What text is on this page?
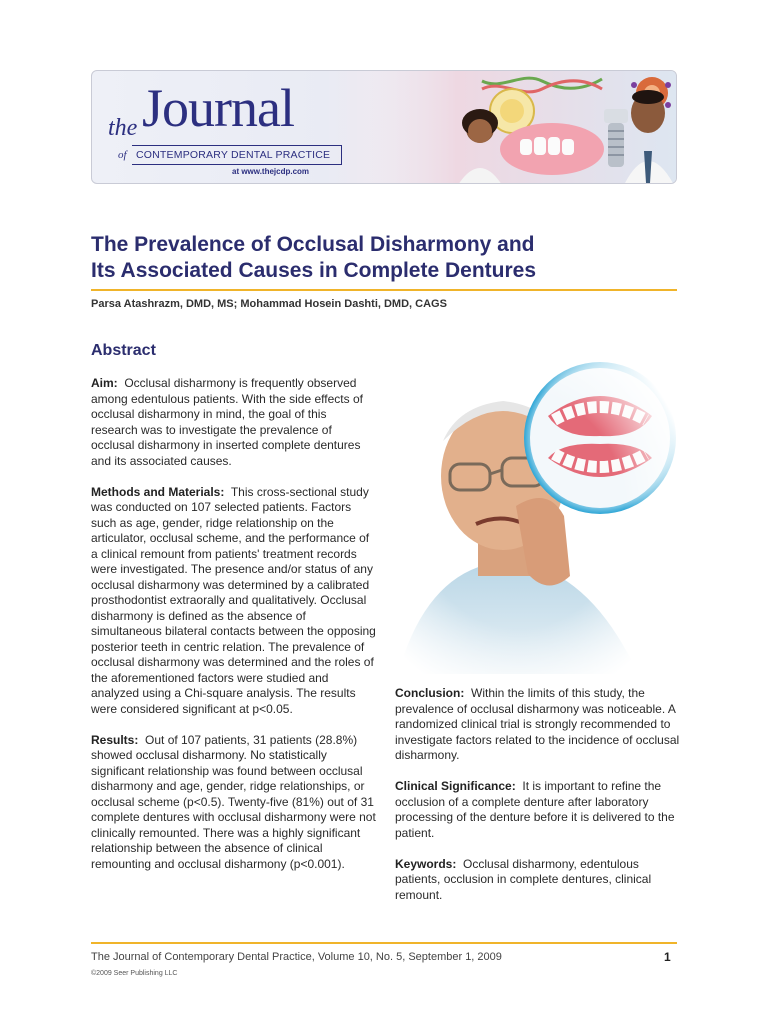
the Journal
of CONTEMPORARY DENTAL PRACTICE
at www.thejcdp.com
The Prevalence of Occlusal Disharmony and
Its Associated Causes in Complete Dentures
Parsa Atashrazm, DMD, MS; Mohammad Hosein Dashti, DMD, CAGS
Abstract

Aim: Occlusal disharmony is frequently observed among edentulous patients. With the side effects of occlusal disharmony in mind, the goal of this research was to investigate the prevalence of occlusal disharmony in inserted complete dentures and its associated causes.

Methods and Materials: This cross-sectional study was conducted on 107 selected patients. Factors such as age, gender, ridge relationship on the articulator, occlusal scheme, and the performance of a clinical remount from patients' treatment records were investigated. The presence and/or status of any occlusal disharmony was determined by a calibrated prosthodontist extraorally and qualitatively. Occlusal disharmony is defined as the absence of simultaneous bilateral contacts between the opposing posterior teeth in centric relation. The prevalence of occlusal disharmony was determined and the roles of the aforementioned factors were studied and analyzed using a Chi-square analysis. The results were considered significant at p<0.05.

Results: Out of 107 patients, 31 patients (28.8%) showed occlusal disharmony. No statistically significant relationship was found between occlusal disharmony and age, gender, ridge relationships, or occlusal scheme (p<0.5). Twenty-five (81%) out of 31 complete dentures with occlusal disharmony were not clinically remounted. There was a highly significant relationship between the absence of clinical remounting and occlusal disharmony (p<0.001).

Conclusion: Within the limits of this study, the prevalence of occlusal disharmony was noticeable. A randomized clinical trial is strongly recommended to investigate factors related to the incidence of occlusal disharmony.

Clinical Significance: It is important to refine the occlusion of a complete denture after laboratory processing of the denture before it is delivered to the patient.

Keywords: Occlusal disharmony, edentulous patients, occlusion in complete dentures, clinical remount.

The Journal of Contemporary Dental Practice, Volume 10, No. 5, September 1, 2009	1
©2009 Seer Publishing LLC
